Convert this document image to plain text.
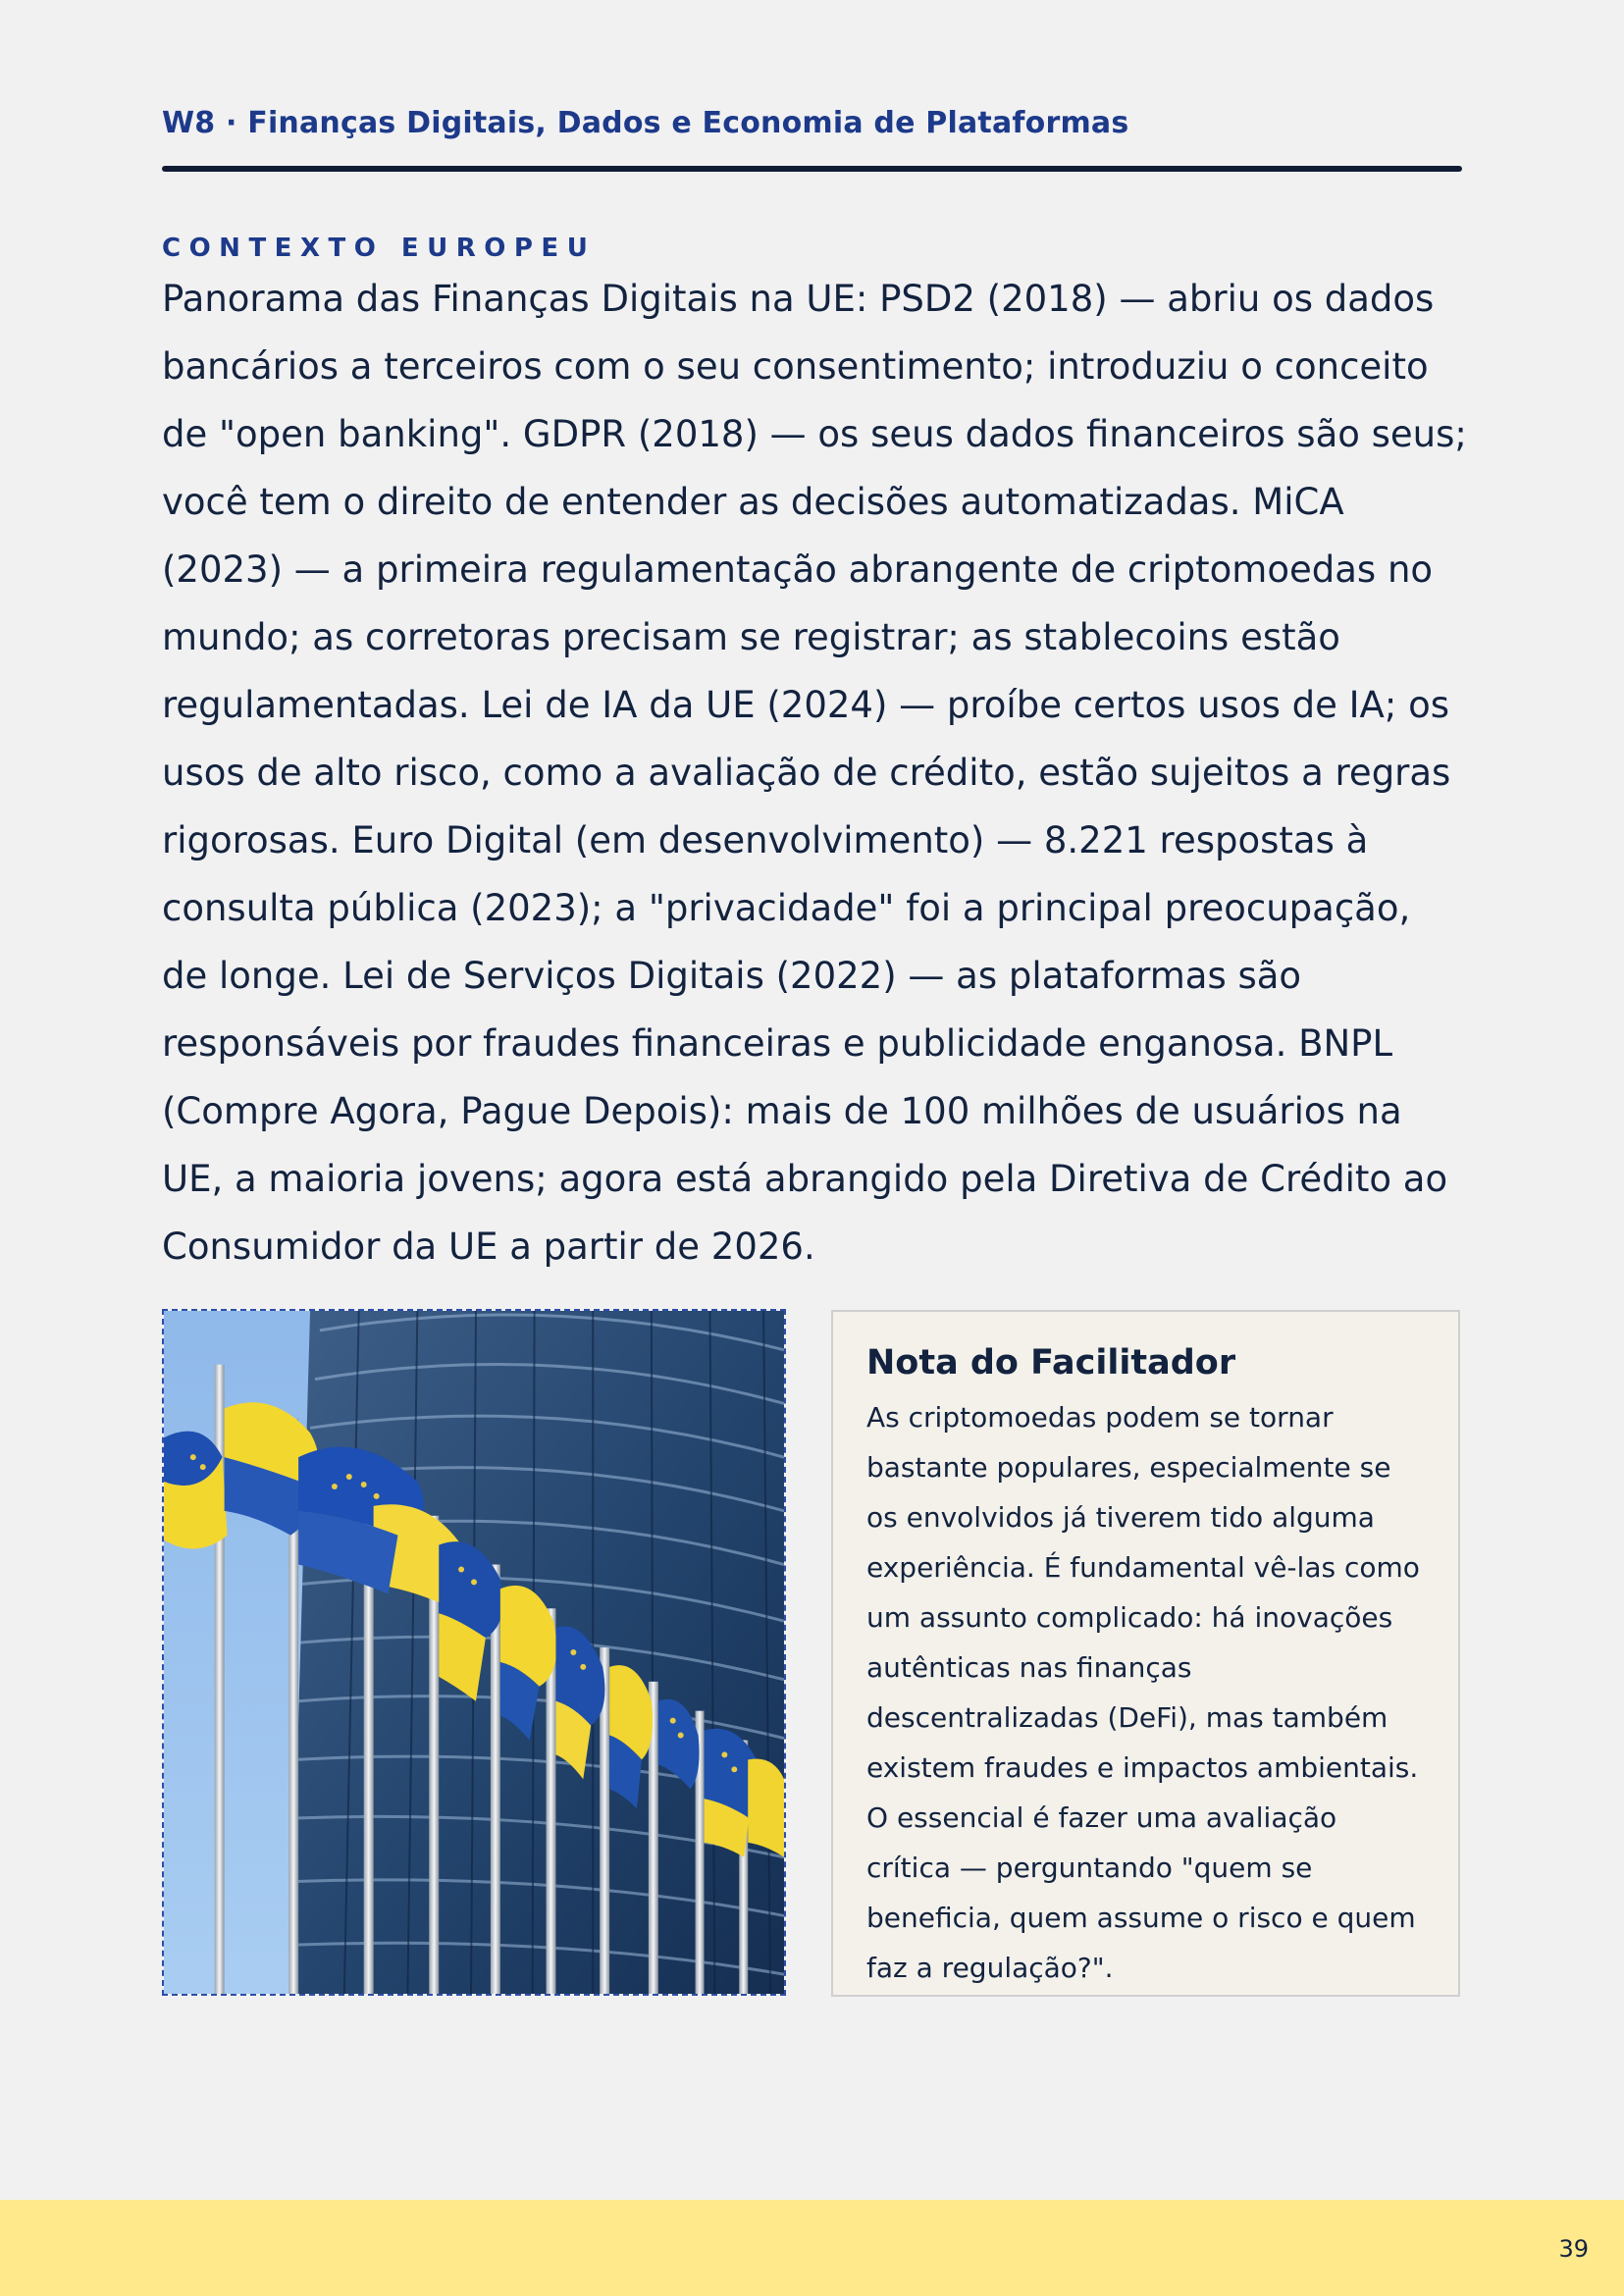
W8 · Finanças Digitais, Dados e Economia de Plataformas
CONTEXTO EUROPEU

Panorama das Finanças Digitais na UE: PSD2 (2018) — abriu os dados bancários a terceiros com o seu consentimento; introduziu o conceito de "open banking". GDPR (2018) — os seus dados financeiros são seus; você tem o direito de entender as decisões automatizadas. MiCA (2023) — a primeira regulamentação abrangente de criptomoedas no mundo; as corretoras precisam se registrar; as stablecoins estão regulamentadas. Lei de IA da UE (2024) — proíbe certos usos de IA; os usos de alto risco, como a avaliação de crédito, estão sujeitos a regras rigorosas. Euro Digital (em desenvolvimento) — 8.221 respostas à consulta pública (2023); a "privacidade" foi a principal preocupação, de longe. Lei de Serviços Digitais (2022) — as plataformas são responsáveis por fraudes financeiras e publicidade enganosa. BNPL (Compre Agora, Pague Depois): mais de 100 milhões de usuários na UE, a maioria jovens; agora está abrangido pela Diretiva de Crédito ao Consumidor da UE a partir de 2026.

Nota do Facilitador

As criptomoedas podem se tornar bastante populares, especialmente se os envolvidos já tiverem tido alguma experiência. É fundamental vê-las como um assunto complicado: há inovações autênticas nas finanças descentralizadas (DeFi), mas também existem fraudes e impactos ambientais. O essencial é fazer uma avaliação crítica — perguntando "quem se beneficia, quem assume o risco e quem faz a regulação?".

39
